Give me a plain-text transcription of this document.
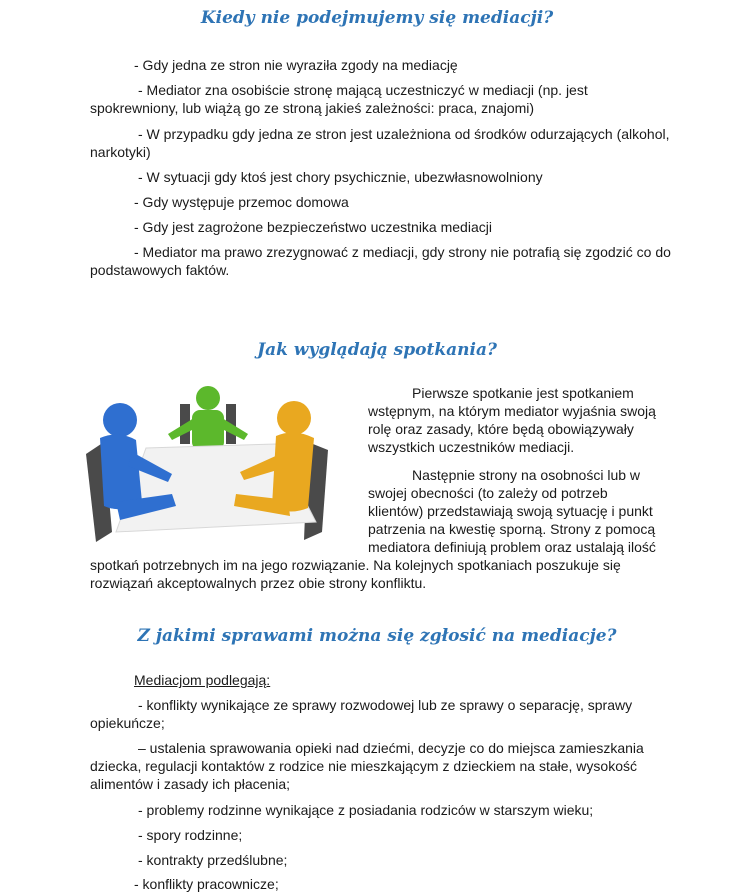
Kiedy nie podejmujemy się mediacji?

- Gdy jedna ze stron nie wyraziła zgody na mediację

- Mediator zna osobiście stronę mającą uczestniczyć w mediacji (np. jest spokrewniony, lub wiążą go ze stroną jakieś zależności: praca, znajomi)

- W przypadku gdy jedna ze stron jest uzależniona od środków odurzających (alkohol, narkotyki)

- W sytuacji gdy ktoś jest chory psychicznie, ubezwłasnowolniony

- Gdy występuje przemoc domowa

- Gdy jest zagrożone bezpieczeństwo uczestnika mediacji

- Mediator ma prawo zrezygnować z mediacji, gdy strony nie potrafią się zgodzić co do podstawowych faktów.

Jak wyglądają spotkania?

Pierwsze spotkanie jest spotkaniem wstępnym, na którym mediator wyjaśnia swoją rolę oraz zasady, które będą obowiązywały wszystkich uczestników mediacji.

Następnie strony na osobności lub w
swojej obecności (to zależy od potrzeb
klientów) przedstawiają swoją sytuację i punkt
patrzenia na kwestię sporną. Strony z pomocą
mediatora definiują problem oraz ustalają ilość
spotkań potrzebnych im na jego rozwiązanie. Na kolejnych spotkaniach poszukuje się
rozwiązań akceptowalnych przez obie strony konfliktu.
Z jakimi sprawami można się zgłosić na mediacje?

Mediacjom podlegają:

- konflikty wynikające ze sprawy rozwodowej lub ze sprawy o separację, sprawy opiekuńcze;

– ustalenia sprawowania opieki nad dziećmi, decyzje co do miejsca zamieszkania dziecka, regulacji kontaktów z rodzice nie mieszkającym z dzieckiem na stałe, wysokość alimentów i zasady ich płacenia;

- problemy rodzinne wynikające z posiadania rodziców w starszym wieku;

- spory rodzinne;

- kontrakty przedślubne;

- konflikty pracownicze;
